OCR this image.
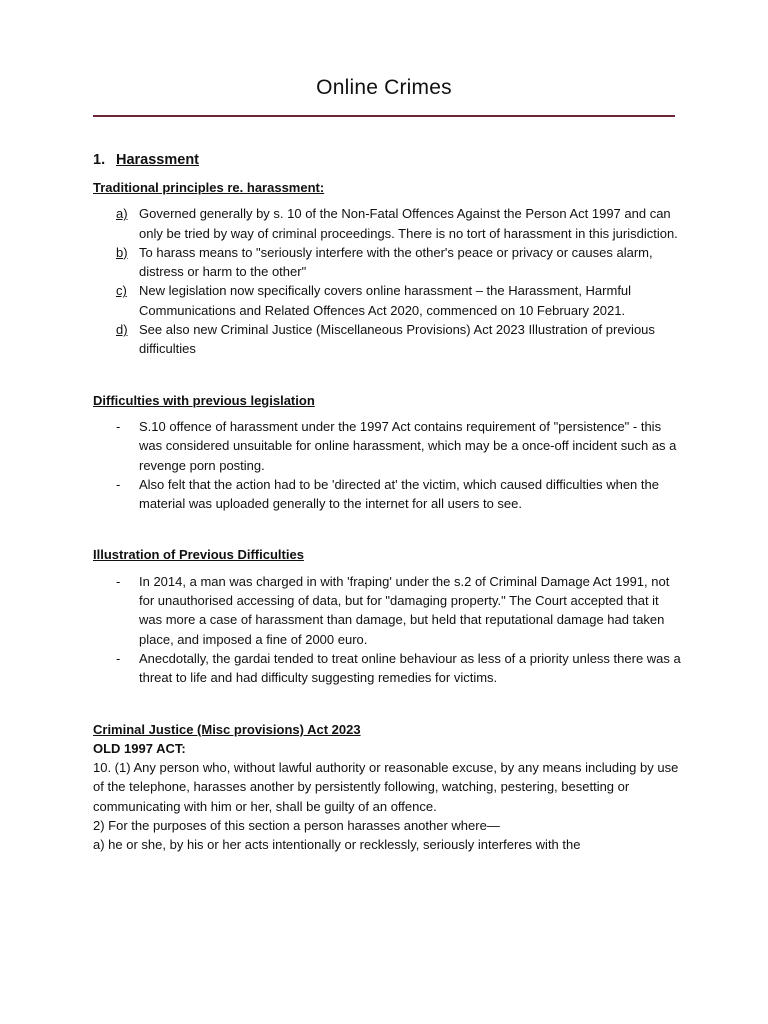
Online Crimes
1. Harassment
Traditional principles re. harassment:
a) Governed generally by s. 10 of the Non-Fatal Offences Against the Person Act 1997 and can only be tried by way of criminal proceedings. There is no tort of harassment in this jurisdiction.
b) To harass means to "seriously interfere with the other's peace or privacy or causes alarm, distress or harm to the other"
c) New legislation now specifically covers online harassment – the Harassment, Harmful Communications and Related Offences Act 2020, commenced on 10 February 2021.
d) See also new Criminal Justice (Miscellaneous Provisions) Act 2023 Illustration of previous difficulties
Difficulties with previous legislation
- S.10 offence of harassment under the 1997 Act contains requirement of "persistence" - this was considered unsuitable for online harassment, which may be a once-off incident such as a revenge porn posting.
- Also felt that the action had to be 'directed at' the victim, which caused difficulties when the material was uploaded generally to the internet for all users to see.
Illustration of Previous Difficulties
- In 2014, a man was charged in with 'fraping' under the s.2 of Criminal Damage Act 1991, not for unauthorised accessing of data, but for "damaging property." The Court accepted that it was more a case of harassment than damage, but held that reputational damage had taken place, and imposed a fine of 2000 euro.
- Anecdotally, the gardai tended to treat online behaviour as less of a priority unless there was a threat to life and had difficulty suggesting remedies for victims.
Criminal Justice (Misc provisions) Act 2023
OLD 1997 ACT:

10. (1) Any person who, without lawful authority or reasonable excuse, by any means including by use of the telephone, harasses another by persistently following, watching, pestering, besetting or communicating with him or her, shall be guilty of an offence.

2) For the purposes of this section a person harasses another where—

a) he or she, by his or her acts intentionally or recklessly, seriously interferes with the
